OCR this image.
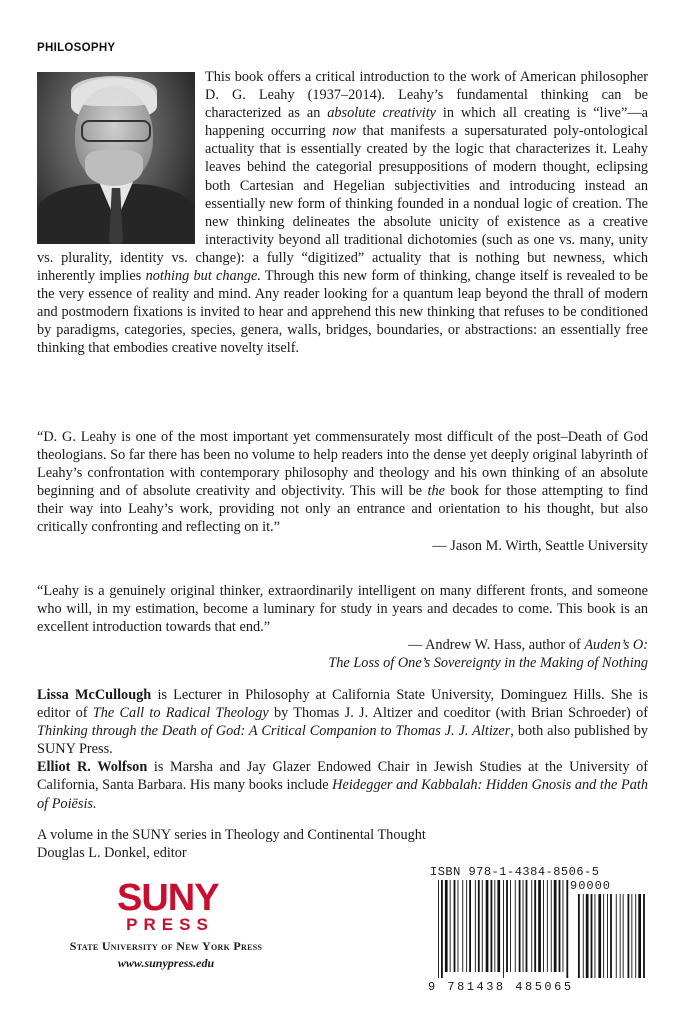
PHILOSOPHY
This book offers a critical introduction to the work of American philosopher D. G. Leahy (1937–2014). Leahy’s fundamental thinking can be characterized as an absolute creativity in which all creating is “live”—a happening occurring now that manifests a supersaturated poly-ontological actuality that is essentially created by the logic that characterizes it. Leahy leaves behind the categorial presuppositions of modern thought, eclipsing both Cartesian and Hegelian subjectivities and introducing instead an essentially new form of thinking founded in a nondual logic of creation. The new thinking delineates the absolute unicity of existence as a creative interactivity beyond all traditional dichotomies (such as one vs. many, unity vs. plurality, identity vs. change): a fully “digitized” actuality that is nothing but newness, which inherently implies nothing but change. Through this new form of thinking, change itself is revealed to be the very essence of reality and mind. Any reader looking for a quantum leap beyond the thrall of modern and postmodern fixations is invited to hear and apprehend this new thinking that refuses to be conditioned by paradigms, categories, species, genera, walls, bridges, boundaries, or abstractions: an essentially free thinking that embodies creative novelty itself.
“D. G. Leahy is one of the most important yet commensurately most difficult of the post–Death of God theologians. So far there has been no volume to help readers into the dense yet deeply original labyrinth of Leahy’s confrontation with contemporary philosophy and theology and his own thinking of an absolute beginning and of absolute creativity and objectivity. This will be the book for those attempting to find their way into Leahy’s work, providing not only an entrance and orientation to his thought, but also critically confronting and reflecting on it.”
— Jason M. Wirth, Seattle University
“Leahy is a genuinely original thinker, extraordinarily intelligent on many different fronts, and someone who will, in my estimation, become a luminary for study in years and decades to come. This book is an excellent introduction towards that end.”
— Andrew W. Hass, author of Auden’s O:
The Loss of One’s Sovereignty in the Making of Nothing
Lissa McCullough is Lecturer in Philosophy at California State University, Dominguez Hills. She is editor of The Call to Radical Theology by Thomas J. J. Altizer and coeditor (with Brian Schroeder) of Thinking through the Death of God: A Critical Companion to Thomas J. J. Altizer, both also published by SUNY Press.
Elliot R. Wolfson is Marsha and Jay Glazer Endowed Chair in Jewish Studies at the University of California, Santa Barbara. His many books include Heidegger and Kabbalah: Hidden Gnosis and the Path of Poiēsis.
A volume in the SUNY series in Theology and Continental Thought
Douglas L. Donkel, editor
SUNY
PRESS
State University of New York Press
www.sunypress.edu
ISBN 978-1-4384-8506-5
90000
9 781438 485065
